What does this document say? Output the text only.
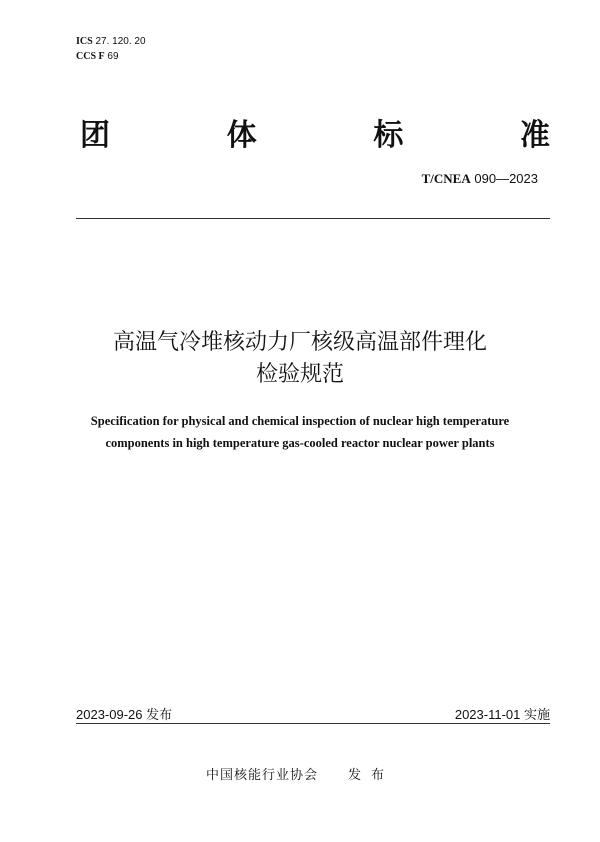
ICS 27. 120. 20
CCS F 69
团	体	标	准
T/CNEA 090—2023
高温气冷堆核动力厂核级高温部件理化
检验规范
Specification for physical and chemical inspection of nuclear high temperature
components in high temperature gas-cooled reactor nuclear power plants
2023-09-26 发布	2023-11-01 实施
中国核能行业协会 发布
